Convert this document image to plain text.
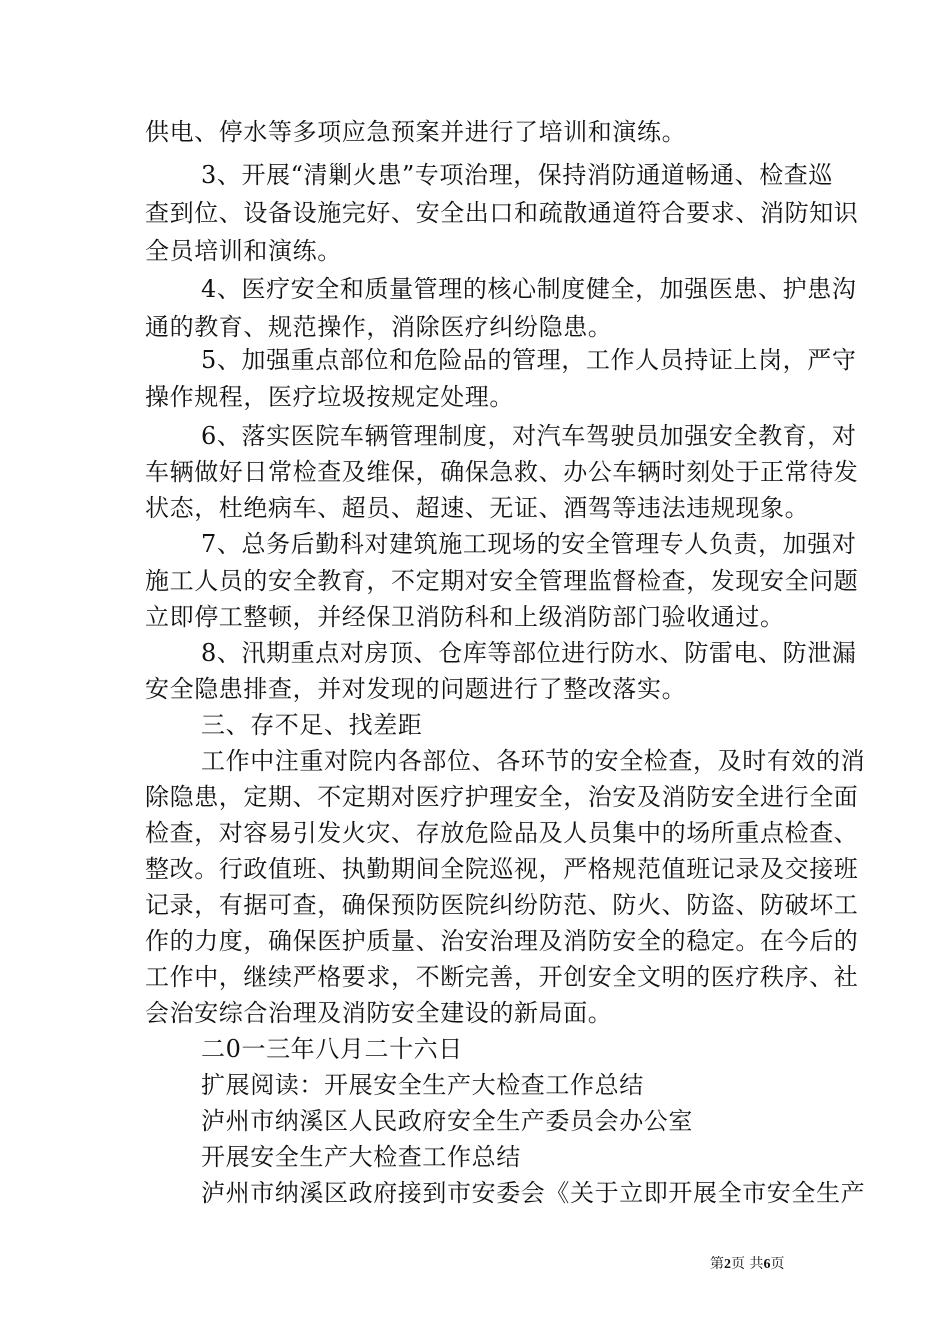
供电、停水等多项应急预案并进行了培训和演练。
3、开展“清剿火患”专项治理，保持消防通道畅通、检查巡
查到位、设备设施完好、安全出口和疏散通道符合要求、消防知识
全员培训和演练。
4、医疗安全和质量管理的核心制度健全，加强医患、护患沟
通的教育、规范操作，消除医疗纠纷隐患。
5、加强重点部位和危险品的管理，工作人员持证上岗，严守
操作规程，医疗垃圾按规定处理。
6、落实医院车辆管理制度，对汽车驾驶员加强安全教育，对
车辆做好日常检查及维保，确保急救、办公车辆时刻处于正常待发
状态，杜绝病车、超员、超速、无证、酒驾等违法违规现象。
7、总务后勤科对建筑施工现场的安全管理专人负责，加强对
施工人员的安全教育，不定期对安全管理监督检查，发现安全问题
立即停工整顿，并经保卫消防科和上级消防部门验收通过。
8、汛期重点对房顶、仓库等部位进行防水、防雷电、防泄漏
安全隐患排查，并对发现的问题进行了整改落实。
三、存不足、找差距
工作中注重对院内各部位、各环节的安全检查，及时有效的消
除隐患，定期、不定期对医疗护理安全，治安及消防安全进行全面
检查，对容易引发火灾、存放危险品及人员集中的场所重点检查、
整改。行政值班、执勤期间全院巡视，严格规范值班记录及交接班
记录，有据可查，确保预防医院纠纷防范、防火、防盗、防破坏工
作的力度，确保医护质量、治安治理及消防安全的稳定。在今后的
工作中，继续严格要求，不断完善，开创安全文明的医疗秩序、社
会治安综合治理及消防安全建设的新局面。
二0一三年八月二十六日
扩展阅读：开展安全生产大检查工作总结
泸州市纳溪区人民政府安全生产委员会办公室
开展安全生产大检查工作总结
泸州市纳溪区政府接到市安委会《关于立即开展全市安全生产
第2页 共6页
